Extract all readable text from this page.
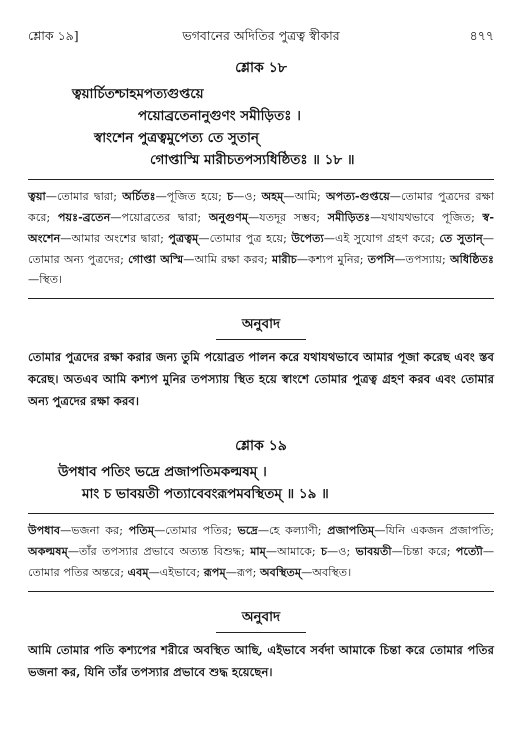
শ্লোক ১৯]	ভগবানের অদিতির পুত্রত্ব স্বীকার	৪৭৭
শ্লোক ১৮
ত্বয়ার্চিতশ্চাহমপত্যগুপ্তয়ে
পয়োব্রতেনানুগুণং সমীড়িতঃ ।
স্বাংশেন পুত্রত্বমুপেত্য তে সুতান্
গোপ্তাস্মি মারীচতপস্যধিষ্ঠিতঃ ॥ ১৮ ॥
ত্বয়া—তোমার দ্বারা; অর্চিতঃ—পূজিত হয়ে; চ—ও; অহম্—আমি; অপত্য-গুপ্তয়ে—তোমার পুত্রদের রক্ষা করে; পয়ঃ-ব্রতেন—পয়োব্রতের দ্বারা; অনুগুণম্—যতদূর সম্ভব; সমীড়িতঃ—যথাযথভাবে পূজিত; স্ব-অংশেন—আমার অংশের দ্বারা; পুত্রত্বম্—তোমার পুত্র হয়ে; উপেত্য—এই সুযোগ গ্রহণ করে; তে সুতান্—তোমার অন্য পুত্রদের; গোপ্তা অস্মি—আমি রক্ষা করব; মারীচ—কশ্যপ মুনির; তপসি—তপস্যায়; অধিষ্ঠিতঃ—স্থিত।
অনুবাদ
তোমার পুত্রদের রক্ষা করার জন্য তুমি পয়োব্রত পালন করে যথাযথভাবে আমার পূজা করেছ এবং স্তব করেছ। অতএব আমি কশ্যপ মুনির তপস্যায় স্থিত হয়ে স্বাংশে তোমার পুত্রত্ব গ্রহণ করব এবং তোমার অন্য পুত্রদের রক্ষা করব।
শ্লোক ১৯
উপধাব পতিং ভদ্রে প্রজাপতিমকল্মষম্ ।
মাং চ ভাবয়তী পত্যাবেবংরূপমবস্থিতম্ ॥ ১৯ ॥
উপধাব—ভজনা কর; পতিম্—তোমার পতির; ভদ্রে—হে কল্যাণী; প্রজাপতিম্—যিনি একজন প্রজাপতি; অকল্মষম্—তাঁর তপস্যার প্রভাবে অত্যন্ত বিশুদ্ধ; মাম্—আমাকে; চ—ও; ভাবয়তী—চিন্তা করে; পত্যৌ—তোমার পতির অন্তরে; এবম্—এইভাবে; রূপম্—রূপ; অবস্থিতম্—অবস্থিত।
অনুবাদ
আমি তোমার পতি কশ্যপের শরীরে অবস্থিত আছি, এইভাবে সর্বদা আমাকে চিন্তা করে তোমার পতির ভজনা কর, যিনি তাঁর তপস্যার প্রভাবে শুদ্ধ হয়েছেন।
